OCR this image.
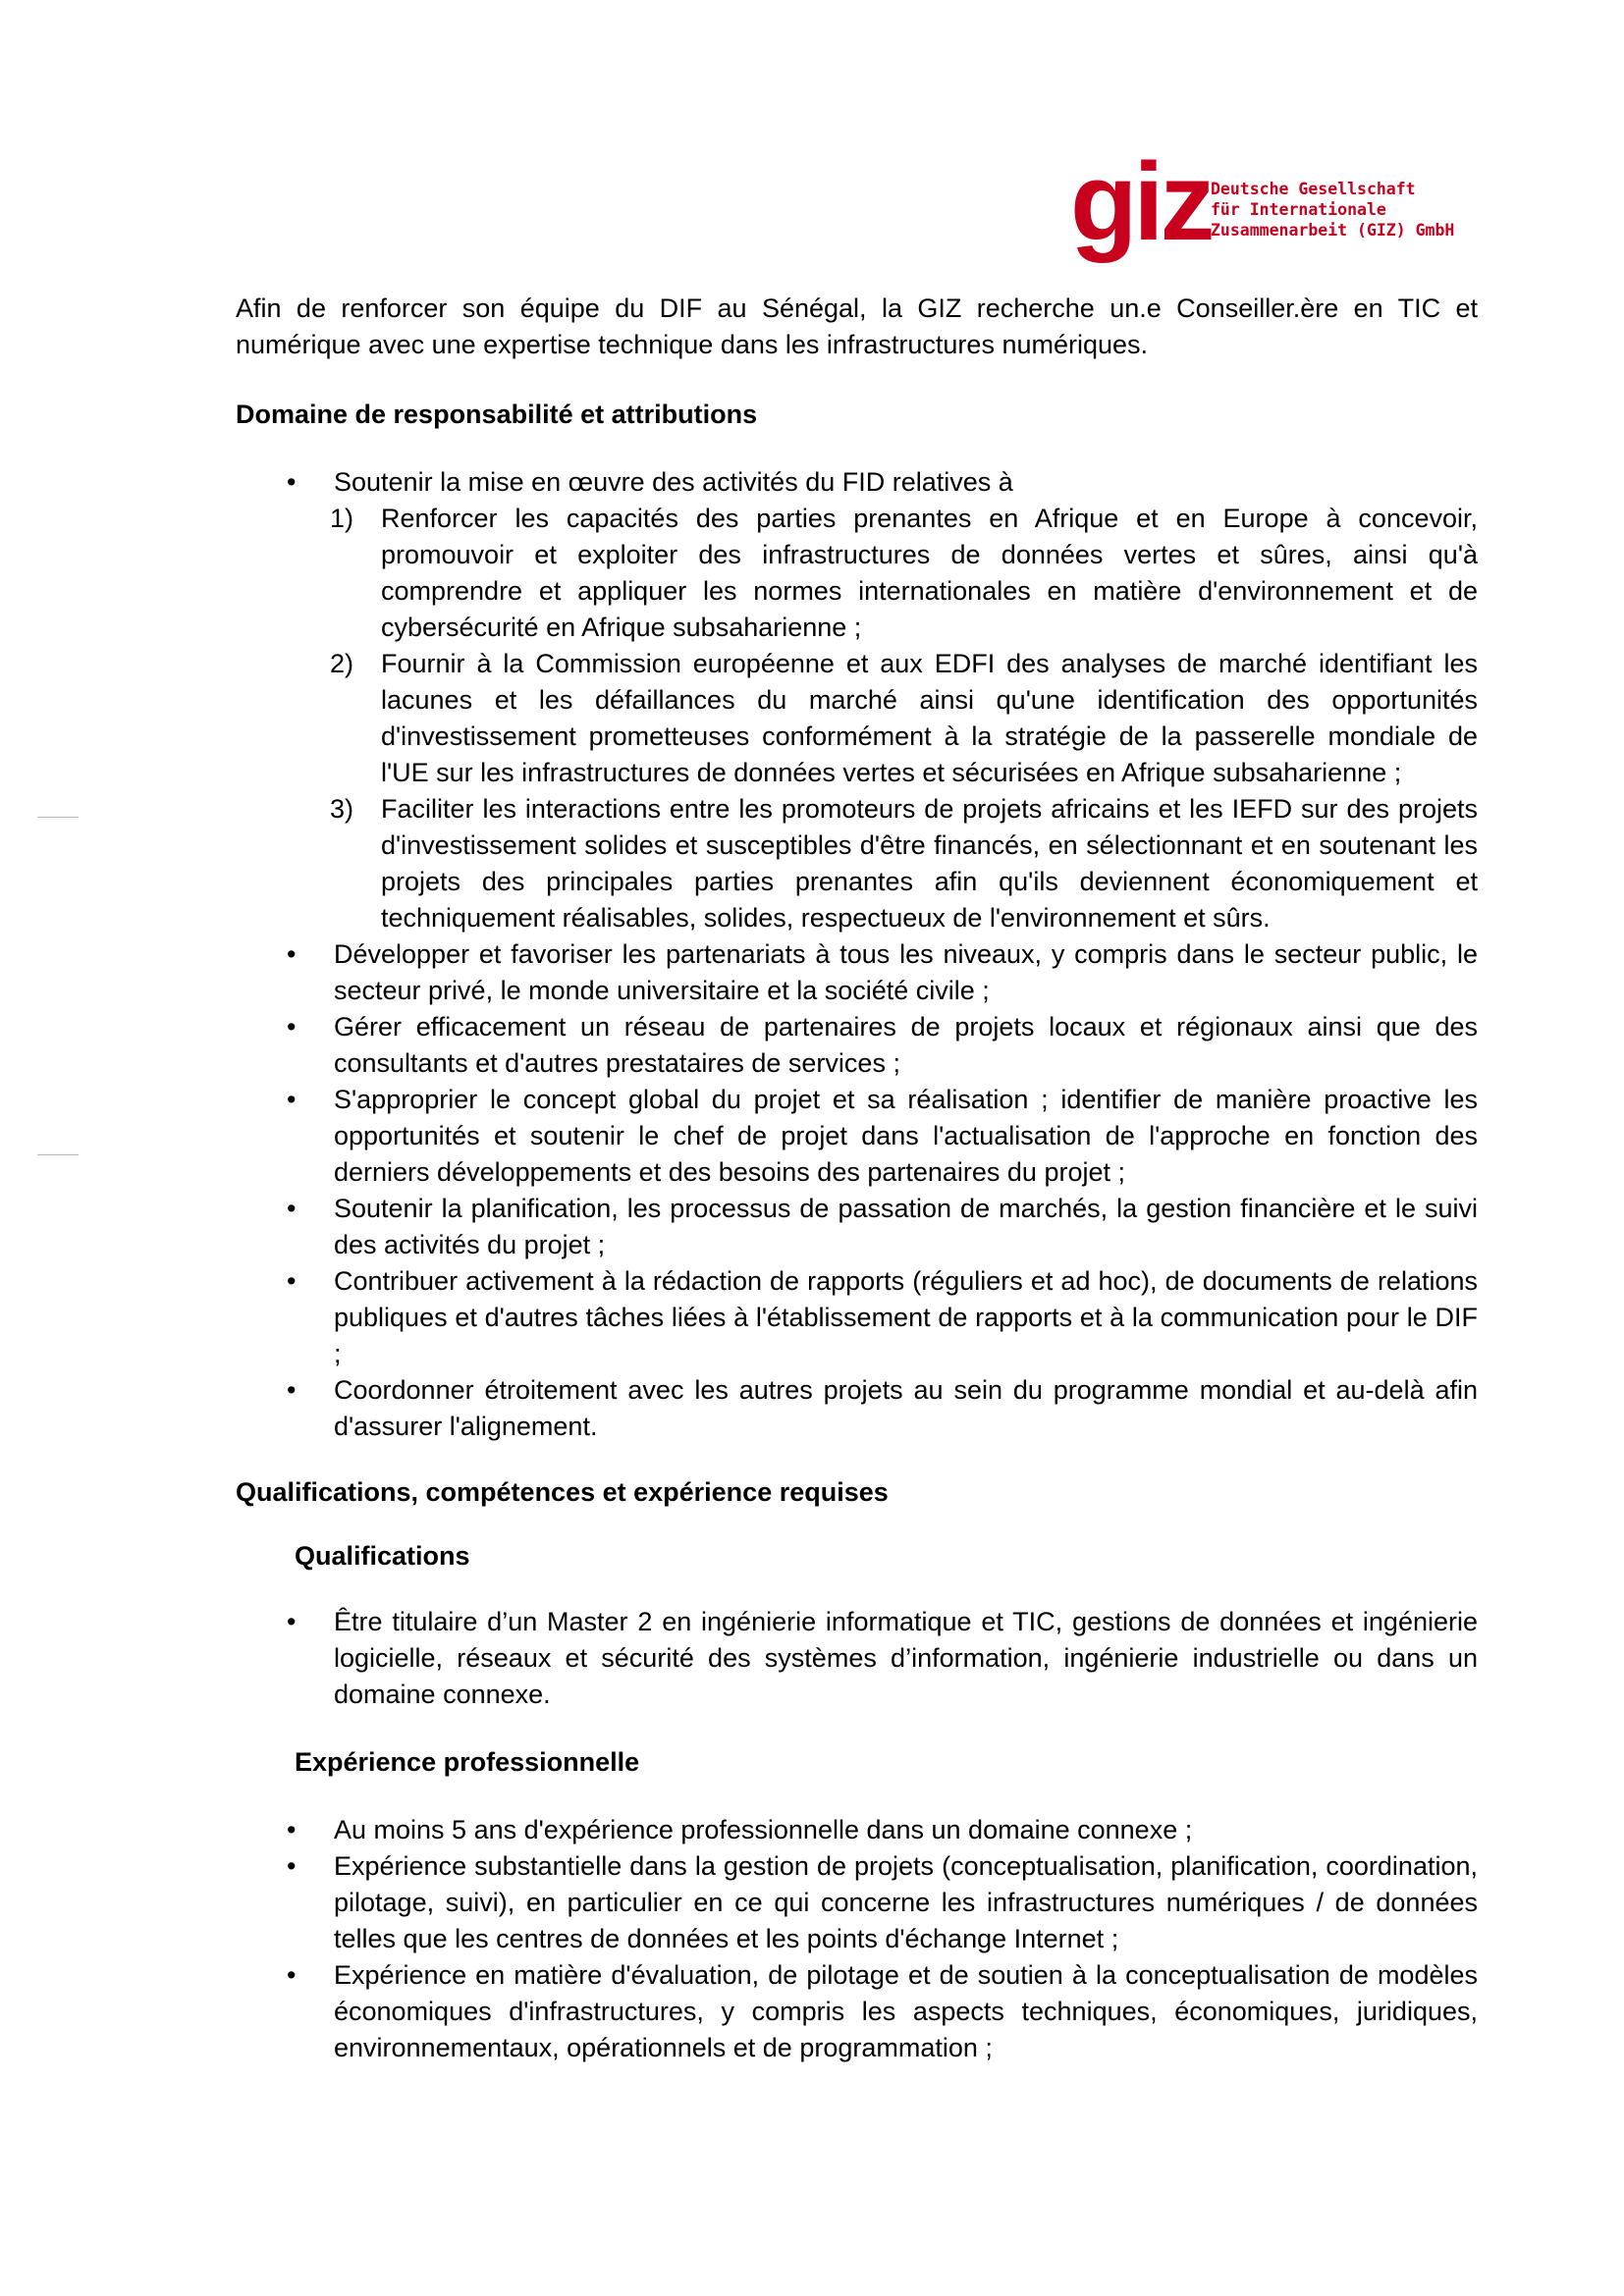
giz Deutsche Gesellschaft
für Internationale
Zusammenarbeit (GIZ) GmbH

Afin de renforcer son équipe du DIF au Sénégal, la GIZ recherche un.e Conseiller.ère en TIC et numérique avec une expertise technique dans les infrastructures numériques.

Domaine de responsabilité et attributions

• Soutenir la mise en œuvre des activités du FID relatives à
1) Renforcer les capacités des parties prenantes en Afrique et en Europe à concevoir, promouvoir et exploiter des infrastructures de données vertes et sûres, ainsi qu'à comprendre et appliquer les normes internationales en matière d'environnement et de cybersécurité en Afrique subsaharienne ;
2) Fournir à la Commission européenne et aux EDFI des analyses de marché identifiant les lacunes et les défaillances du marché ainsi qu'une identification des opportunités d'investissement prometteuses conformément à la stratégie de la passerelle mondiale de l'UE sur les infrastructures de données vertes et sécurisées en Afrique subsaharienne ;
3) Faciliter les interactions entre les promoteurs de projets africains et les IEFD sur des projets d'investissement solides et susceptibles d'être financés, en sélectionnant et en soutenant les projets des principales parties prenantes afin qu'ils deviennent économiquement et techniquement réalisables, solides, respectueux de l'environnement et sûrs.
• Développer et favoriser les partenariats à tous les niveaux, y compris dans le secteur public, le secteur privé, le monde universitaire et la société civile ;
• Gérer efficacement un réseau de partenaires de projets locaux et régionaux ainsi que des consultants et d'autres prestataires de services ;
• S'approprier le concept global du projet et sa réalisation ; identifier de manière proactive les opportunités et soutenir le chef de projet dans l'actualisation de l'approche en fonction des derniers développements et des besoins des partenaires du projet ;
• Soutenir la planification, les processus de passation de marchés, la gestion financière et le suivi des activités du projet ;
• Contribuer activement à la rédaction de rapports (réguliers et ad hoc), de documents de relations publiques et d'autres tâches liées à l'établissement de rapports et à la communication pour le DIF ;
• Coordonner étroitement avec les autres projets au sein du programme mondial et au-delà afin d'assurer l'alignement.

Qualifications, compétences et expérience requises

Qualifications

• Être titulaire d’un Master 2 en ingénierie informatique et TIC, gestions de données et ingénierie logicielle, réseaux et sécurité des systèmes d’information, ingénierie industrielle ou dans un domaine connexe.

Expérience professionnelle

• Au moins 5 ans d'expérience professionnelle dans un domaine connexe ;
• Expérience substantielle dans la gestion de projets (conceptualisation, planification, coordination, pilotage, suivi), en particulier en ce qui concerne les infrastructures numériques / de données telles que les centres de données et les points d'échange Internet ;
• Expérience en matière d'évaluation, de pilotage et de soutien à la conceptualisation de modèles économiques d'infrastructures, y compris les aspects techniques, économiques, juridiques, environnementaux, opérationnels et de programmation ;
